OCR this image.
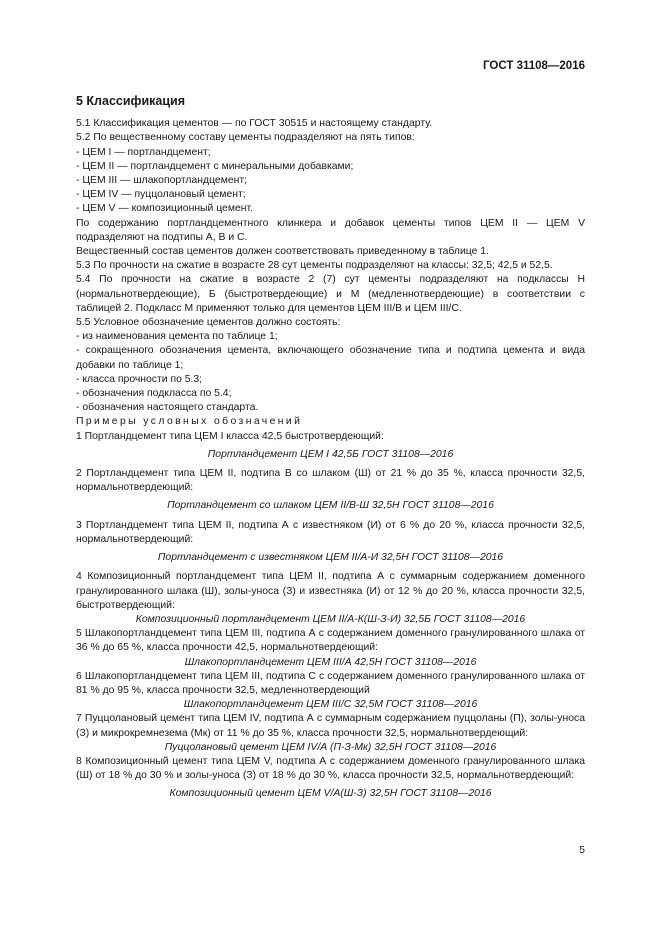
ГОСТ 31108—2016
5 Классификация

5.1 Классификация цементов — по ГОСТ 30515 и настоящему стандарту.

5.2 По вещественному составу цементы подразделяют на пять типов:

- ЦЕМ I — портландцемент;

- ЦЕМ II — портландцемент с минеральными добавками;

- ЦЕМ III — шлакопортландцемент;

- ЦЕМ IV — пуццолановый цемент;

- ЦЕМ V — композиционный цемент.

По содержанию портландцементного клинкера и добавок цементы типов ЦЕМ II — ЦЕМ V подразделяют на подтипы А, В и С.

Вещественный состав цементов должен соответствовать приведенному в таблице 1.

5.3 По прочности на сжатие в возрасте 28 сут цементы подразделяют на классы: 32,5; 42,5 и 52,5.

5.4 По прочности на сжатие в возрасте 2 (7) сут цементы подразделяют на подклассы Н (нормальнотвердеющие), Б (быстротвердеющие) и М (медленнотвердеющие) в соответствии с таблицей 2. Подкласс М применяют только для цементов ЦЕМ III/В и ЦЕМ III/С.

5.5 Условное обозначение цементов должно состоять:

- из наименования цемента по таблице 1;

- сокращенного обозначения цемента, включающего обозначение типа и подтипа цемента и вида добавки по таблице 1;

- класса прочности по 5.3;

- обозначения подкласса по 5.4;

- обозначения настоящего стандарта.

Примеры условных обозначений

1 Портландцемент типа ЦЕМ I класса 42,5 быстротвердеющий:

Портландцемент ЦЕМ I 42,5Б ГОСТ 31108—2016

2 Портландцемент типа ЦЕМ II, подтипа В со шлаком (Ш) от 21 % до 35 %, класса прочности 32,5, нормальнотвердеющий:

Портландцемент со шлаком ЦЕМ II/В-Ш 32,5Н ГОСТ 31108—2016

3 Портландцемент типа ЦЕМ II, подтипа А с известняком (И) от 6 % до 20 %, класса прочности 32,5, нормальнотвердеющий:

Портландцемент с известняком ЦЕМ II/А-И 32,5Н ГОСТ 31108—2016

4 Композиционный портландцемент типа ЦЕМ II, подтипа А с суммарным содержанием доменного гранулированного шлака (Ш), золы-уноса (З) и известняка (И) от 12 % до 20 %, класса прочности 32,5, быстротвердеющий:

Композиционный портландцемент ЦЕМ II/А-К(Ш-З-И) 32,5Б ГОСТ 31108—2016

5 Шлакопортландцемент типа ЦЕМ III, подтипа А с содержанием доменного гранулированного шлака от 36 % до 65 %, класса прочности 42,5, нормальнотвердеющий:

Шлакопортландцемент ЦЕМ III/А 42,5Н ГОСТ 31108—2016

6 Шлакопортландцемент типа ЦЕМ III, подтипа С с содержанием доменного гранулированного шлака от 81 % до 95 %, класса прочности 32,5, медленнотвердеющий

Шлакопортландцемент ЦЕМ III/С 32,5М ГОСТ 31108—2016

7 Пуццолановый цемент типа ЦЕМ IV, подтипа А с суммарным содержанием пуццоланы (П), золы-уноса (З) и микрокремнезема (Мк) от 11 % до 35 %, класса прочности 32,5, нормальнотвердеющий:

Пуццолановый цемент ЦЕМ IV/А (П-З-Мк) 32,5Н ГОСТ 31108—2016

8 Композиционный цемент типа ЦЕМ V, подтипа А с содержанием доменного гранулированного шлака (Ш) от 18 % до 30 % и золы-уноса (З) от 18 % до 30 %, класса прочности 32,5, нормальнотвердеющий:

Композиционный цемент ЦЕМ V/А(Ш-З) 32,5Н ГОСТ 31108—2016

5
